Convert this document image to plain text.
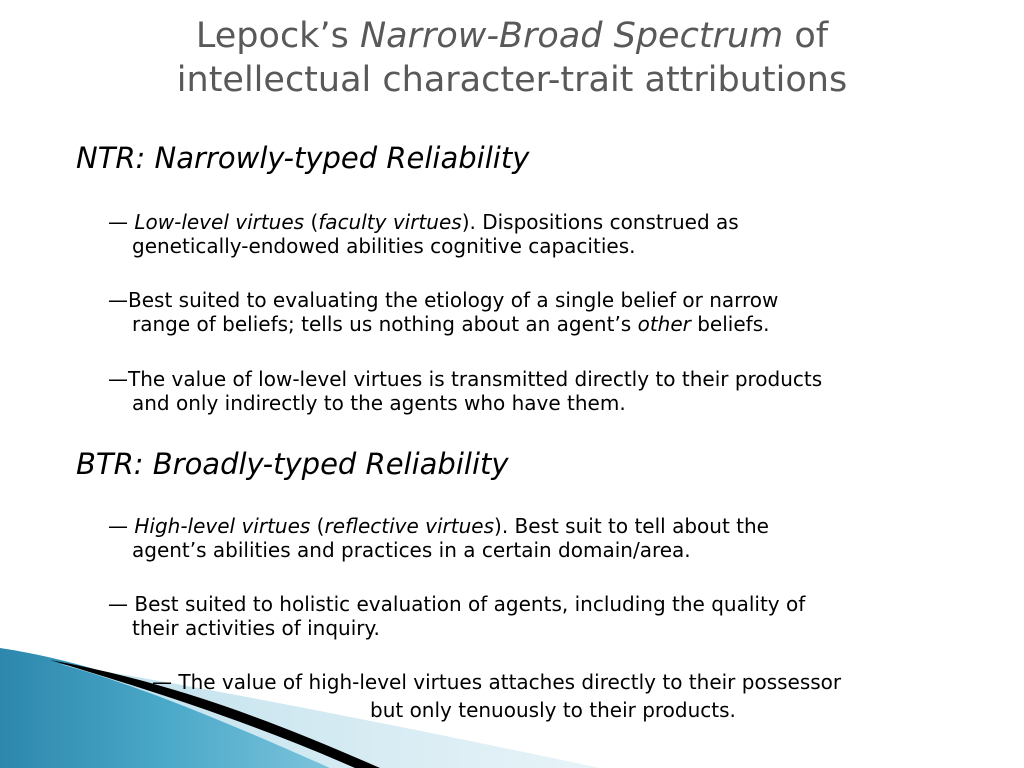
Lepock’s Narrow-Broad Spectrum of
intellectual character-trait attributions
NTR: Narrowly-typed Reliability
— Low-level virtues (faculty virtues). Dispositions construed as
genetically-endowed abilities cognitive capacities.
—Best suited to evaluating the etiology of a single belief or narrow
range of beliefs; tells us nothing about an agent’s other beliefs.
—The value of low-level virtues is transmitted directly to their products
and only indirectly to the agents who have them.
BTR: Broadly-typed Reliability
— High-level virtues (reflective virtues). Best suit to tell about the
agent’s abilities and practices in a certain domain/area.
— Best suited to holistic evaluation of agents, including the quality of
their activities of inquiry.
— The value of high-level virtues attaches directly to their possessor
but only tenuously to their products.
